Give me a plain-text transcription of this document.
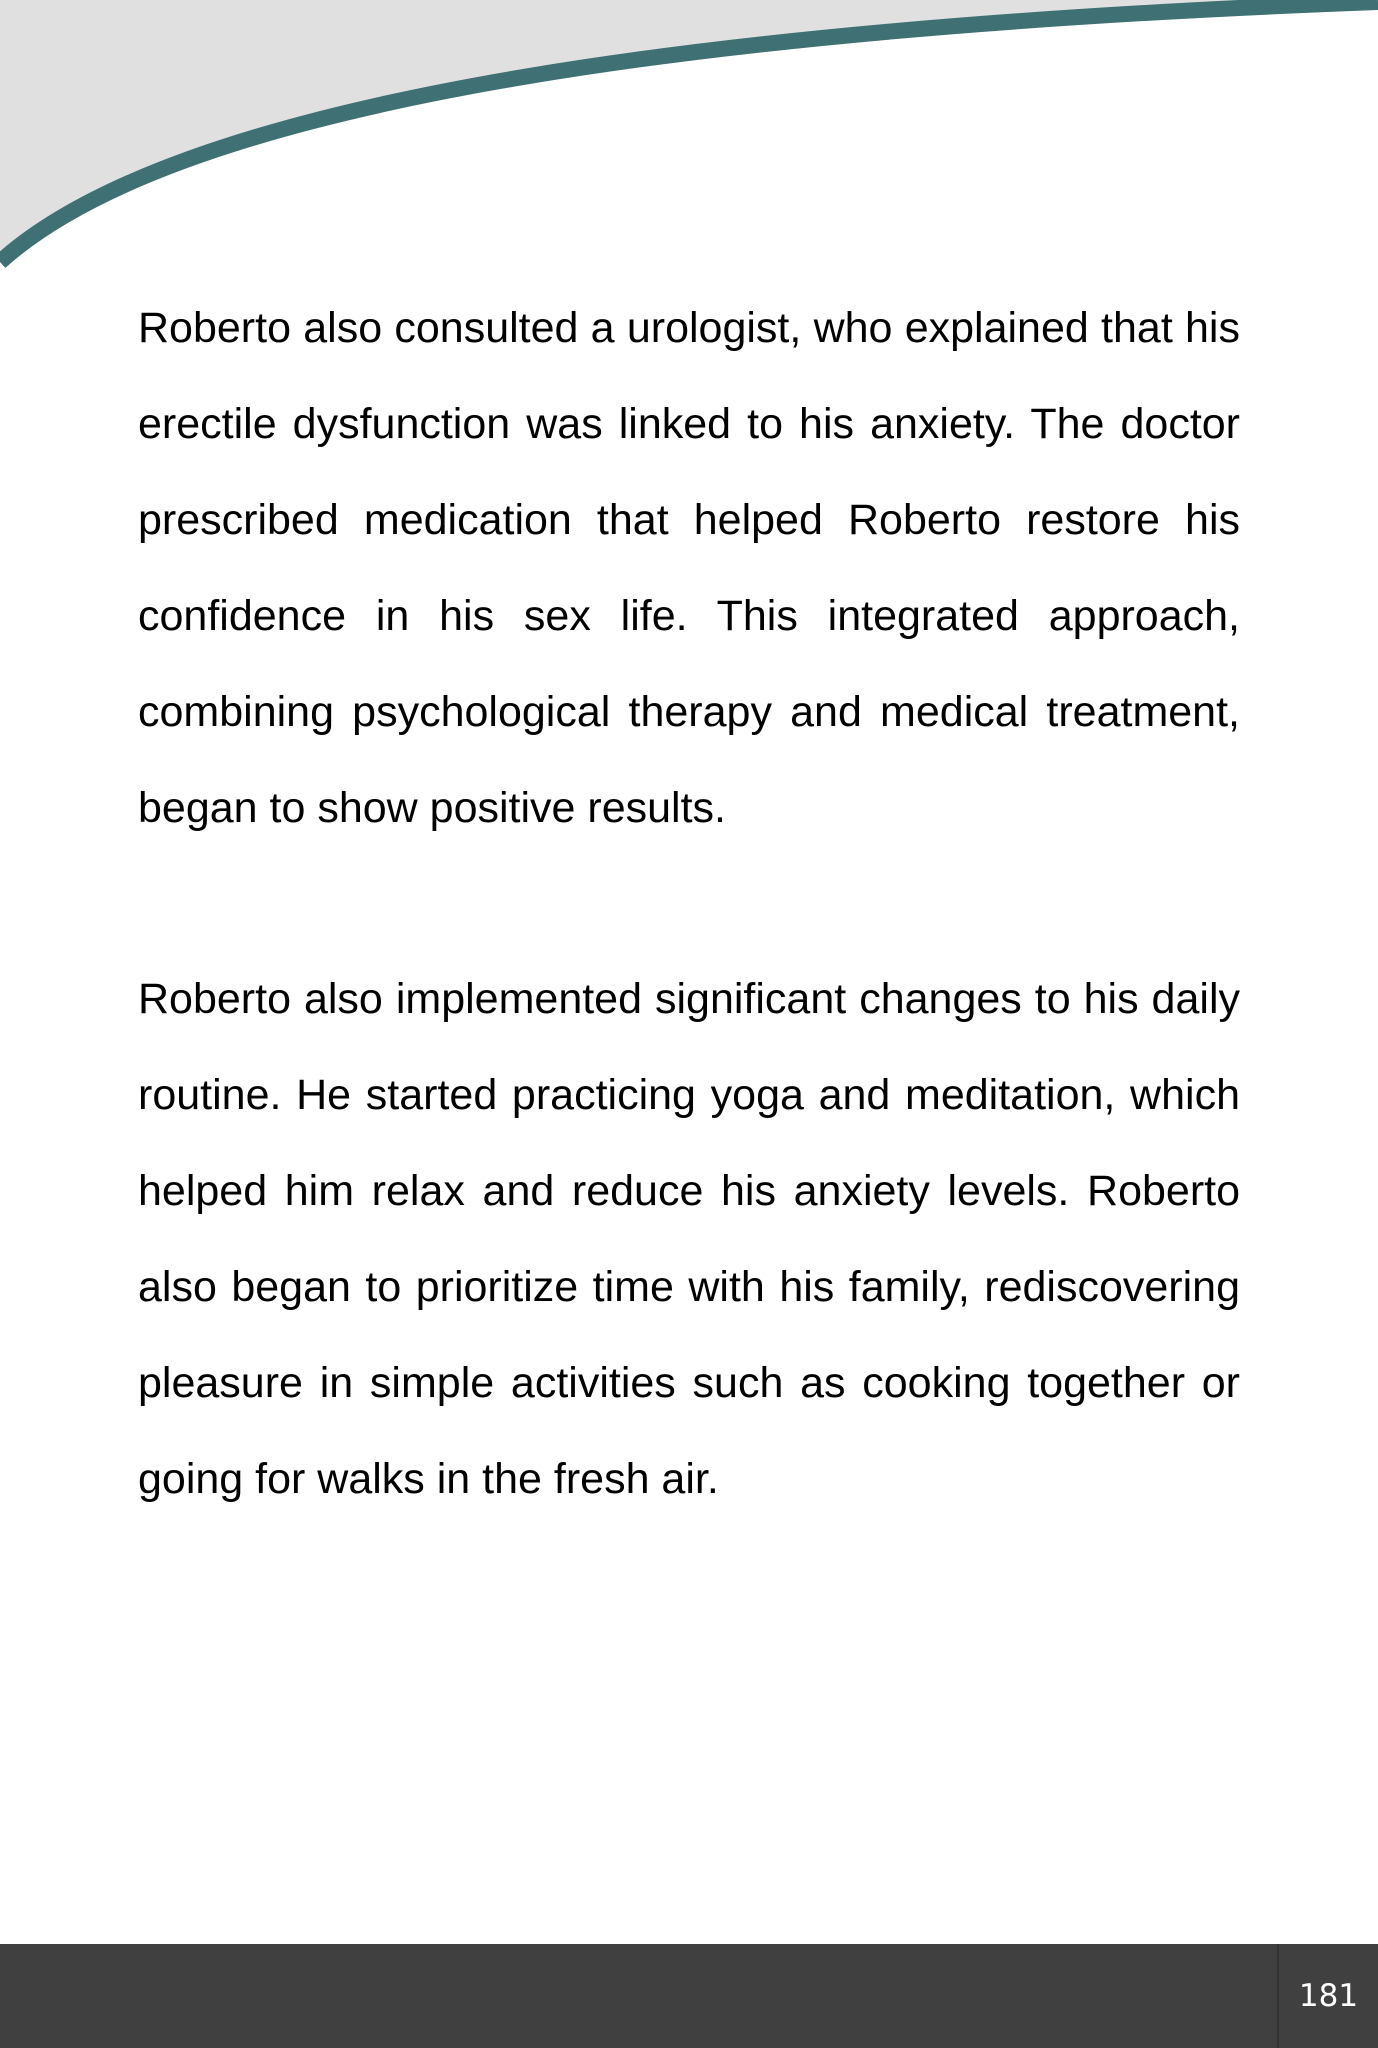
Roberto also consulted a urologist, who explained that his erectile dysfunction was linked to his anxiety. The doctor prescribed medication that helped Roberto restore his confidence in his sex life. This integrated approach, combining psychological therapy and medical treatment, began to show positive results.

Roberto also implemented significant changes to his daily routine. He started practicing yoga and meditation, which helped him relax and reduce his anxiety levels. Roberto also began to prioritize time with his family, rediscovering pleasure in simple activities such as cooking together or going for walks in the fresh air.

181
